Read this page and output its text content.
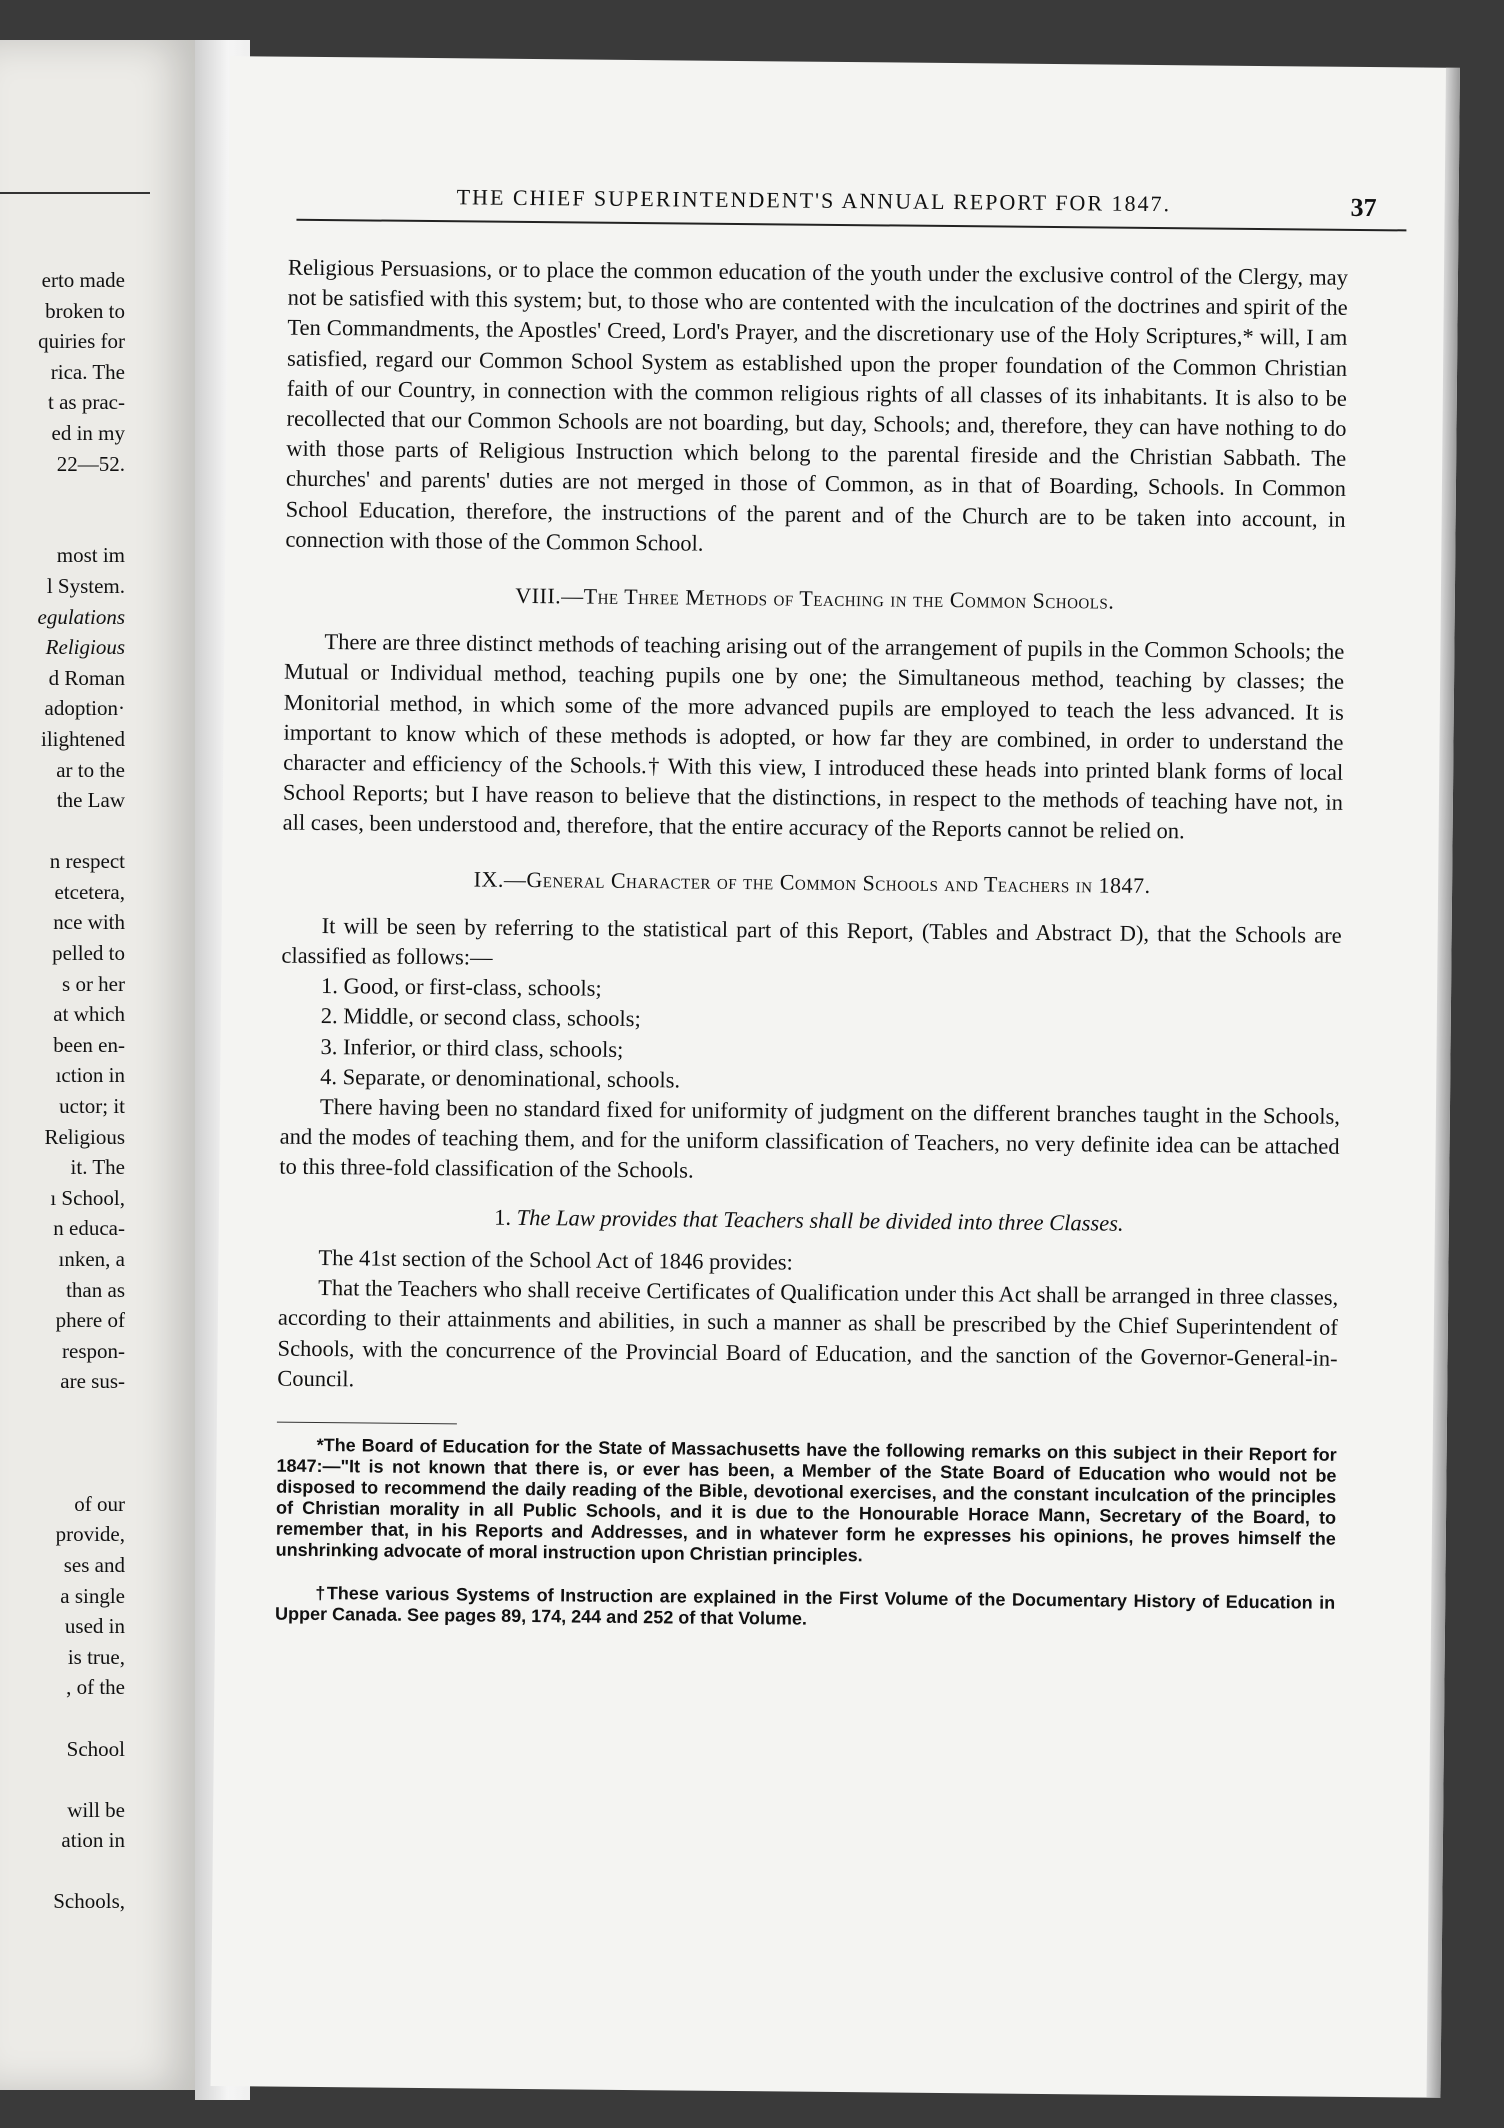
erto made
broken to
quiries for
rica. The
t as prac-
ed in my
22—52.
most im
l System.
egulations
Religious
d Roman
adoption·
ilightened
ar to the
the Law
n respect
etcetera,
nce with
pelled to
s or her
at which
been en-
ıction in
uctor; it
Religious
it. The
ı School,
n educa-
ınken, a
than as
phere of
respon-
are sus-
of our
provide,
ses and
a single
used in
is true,
, of the
School
will be
ation in
Schools,
THE CHIEF SUPERINTENDENT'S ANNUAL REPORT FOR 1847.	37

Religious Persuasions, or to place the common education of the youth under the exclusive control of the Clergy, may not be satisfied with this system; but, to those who are contented with the inculcation of the doctrines and spirit of the Ten Commandments, the Apostles' Creed, Lord's Prayer, and the discretionary use of the Holy Scriptures,* will, I am satisfied, regard our Common School System as established upon the proper foundation of the Common Christian faith of our Country, in connection with the common religious rights of all classes of its inhabitants. It is also to be recollected that our Common Schools are not boarding, but day, Schools; and, therefore, they can have nothing to do with those parts of Religious Instruction which belong to the parental fireside and the Christian Sabbath. The churches' and parents' duties are not merged in those of Common, as in that of Boarding, Schools. In Common School Education, therefore, the instructions of the parent and of the Church are to be taken into account, in connection with those of the Common School.

VIII.—The Three Methods of Teaching in the Common Schools.

There are three distinct methods of teaching arising out of the arrangement of pupils in the Common Schools; the Mutual or Individual method, teaching pupils one by one; the Simultaneous method, teaching by classes; the Monitorial method, in which some of the more advanced pupils are employed to teach the less advanced. It is important to know which of these methods is adopted, or how far they are combined, in order to understand the character and efficiency of the Schools.† With this view, I introduced these heads into printed blank forms of local School Reports; but I have reason to believe that the distinctions, in respect to the methods of teaching have not, in all cases, been understood and, therefore, that the entire accuracy of the Reports cannot be relied on.

IX.—General Character of the Common Schools and Teachers in 1847.

It will be seen by referring to the statistical part of this Report, (Tables and Abstract D), that the Schools are classified as follows:—

1. Good, or first-class, schools;
2. Middle, or second class, schools;
3. Inferior, or third class, schools;
4. Separate, or denominational, schools.

There having been no standard fixed for uniformity of judgment on the different branches taught in the Schools, and the modes of teaching them, and for the uniform classification of Teachers, no very definite idea can be attached to this three-fold classification of the Schools.

1. The Law provides that Teachers shall be divided into three Classes.

The 41st section of the School Act of 1846 provides:

That the Teachers who shall receive Certificates of Qualification under this Act shall be arranged in three classes, according to their attainments and abilities, in such a manner as shall be prescribed by the Chief Superintendent of Schools, with the concurrence of the Provincial Board of Education, and the sanction of the Governor-General-in-Council.

*The Board of Education for the State of Massachusetts have the following remarks on this subject in their Report for 1847:—"It is not known that there is, or ever has been, a Member of the State Board of Education who would not be disposed to recommend the daily reading of the Bible, devotional exercises, and the constant inculcation of the principles of Christian morality in all Public Schools, and it is due to the Honourable Horace Mann, Secretary of the Board, to remember that, in his Reports and Addresses, and in whatever form he expresses his opinions, he proves himself the unshrinking advocate of moral instruction upon Christian principles.

†These various Systems of Instruction are explained in the First Volume of the Documentary History of Education in Upper Canada. See pages 89, 174, 244 and 252 of that Volume.
